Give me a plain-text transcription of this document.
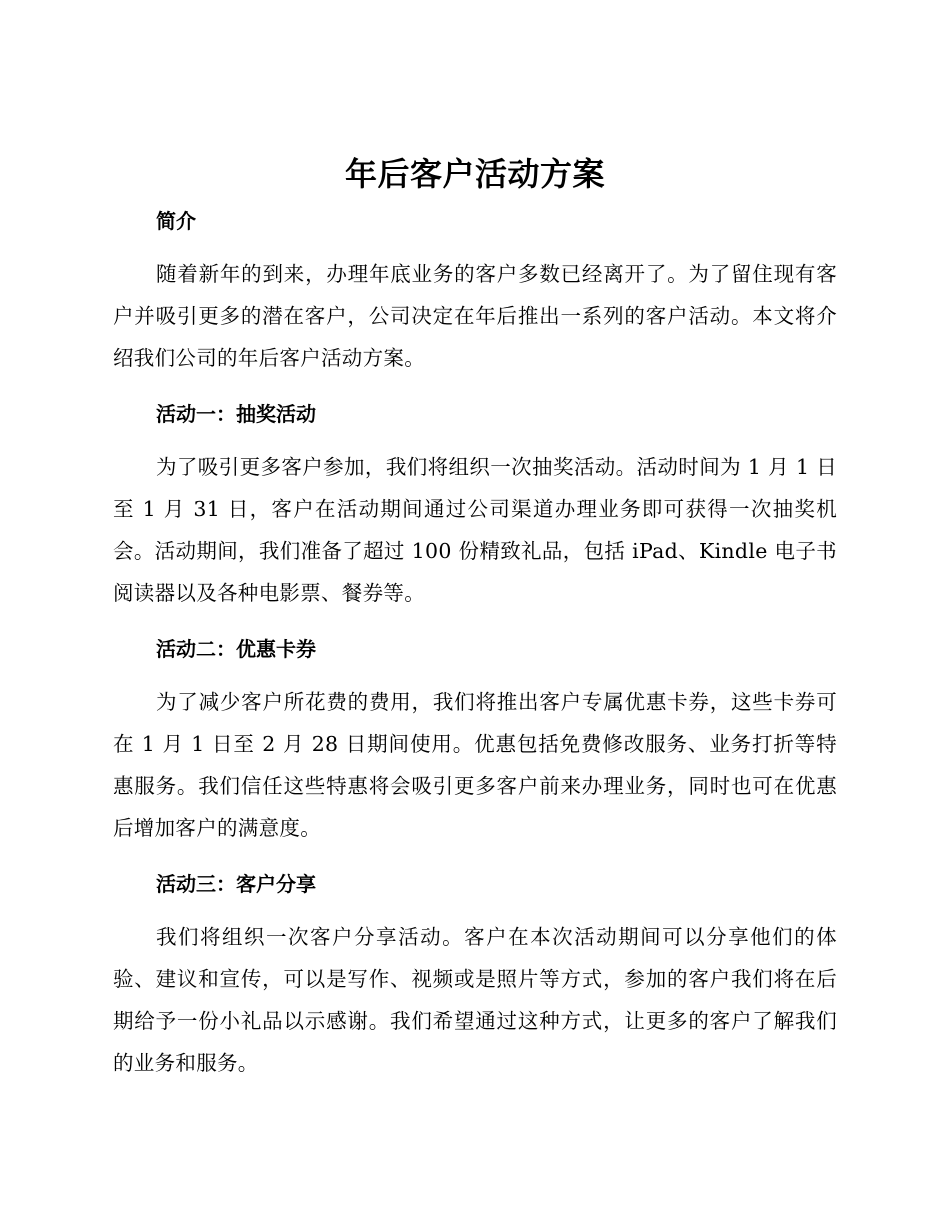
年后客户活动方案
简介

随着新年的到来，办理年底业务的客户多数已经离开了。为了留住现有客户并吸引更多的潜在客户，公司决定在年后推出一系列的客户活动。本文将介绍我们公司的年后客户活动方案。

活动一：抽奖活动

为了吸引更多客户参加，我们将组织一次抽奖活动。活动时间为 1 月 1 日至 1 月 31 日，客户在活动期间通过公司渠道办理业务即可获得一次抽奖机会。活动期间，我们准备了超过 100 份精致礼品，包括 iPad、Kindle 电子书阅读器以及各种电影票、餐券等。

活动二：优惠卡券

为了减少客户所花费的费用，我们将推出客户专属优惠卡券，这些卡券可在 1 月 1 日至 2 月 28 日期间使用。优惠包括免费修改服务、业务打折等特惠服务。我们信任这些特惠将会吸引更多客户前来办理业务，同时也可在优惠后增加客户的满意度。

活动三：客户分享

我们将组织一次客户分享活动。客户在本次活动期间可以分享他们的体验、建议和宣传，可以是写作、视频或是照片等方式，参加的客户我们将在后期给予一份小礼品以示感谢。我们希望通过这种方式，让更多的客户了解我们的业务和服务。
